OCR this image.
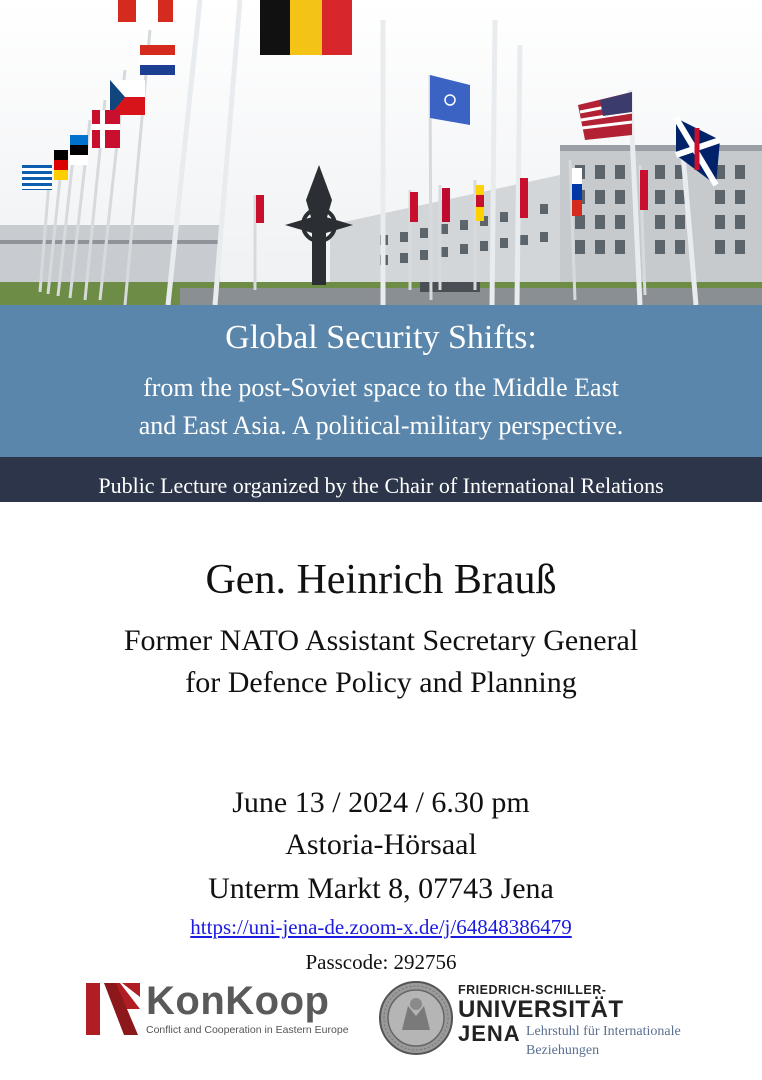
Global Security Shifts:
from the post-Soviet space to the Middle East
and East Asia. A political-military perspective.
Public Lecture organized by the Chair of International Relations
Gen. Heinrich Brauß
Former NATO Assistant Secretary General
for Defence Policy and Planning
June 13 / 2024 / 6.30 pm
Astoria-Hörsaal
Unterm Markt 8, 07743 Jena
https://uni-jena-de.zoom-x.de/j/64848386479
Passcode: 292756
KonKoop
Conflict and Cooperation in Eastern Europe
FRIEDRICH-SCHILLER-
UNIVERSITÄT
JENA Lehrstuhl für Internationale
Beziehungen
